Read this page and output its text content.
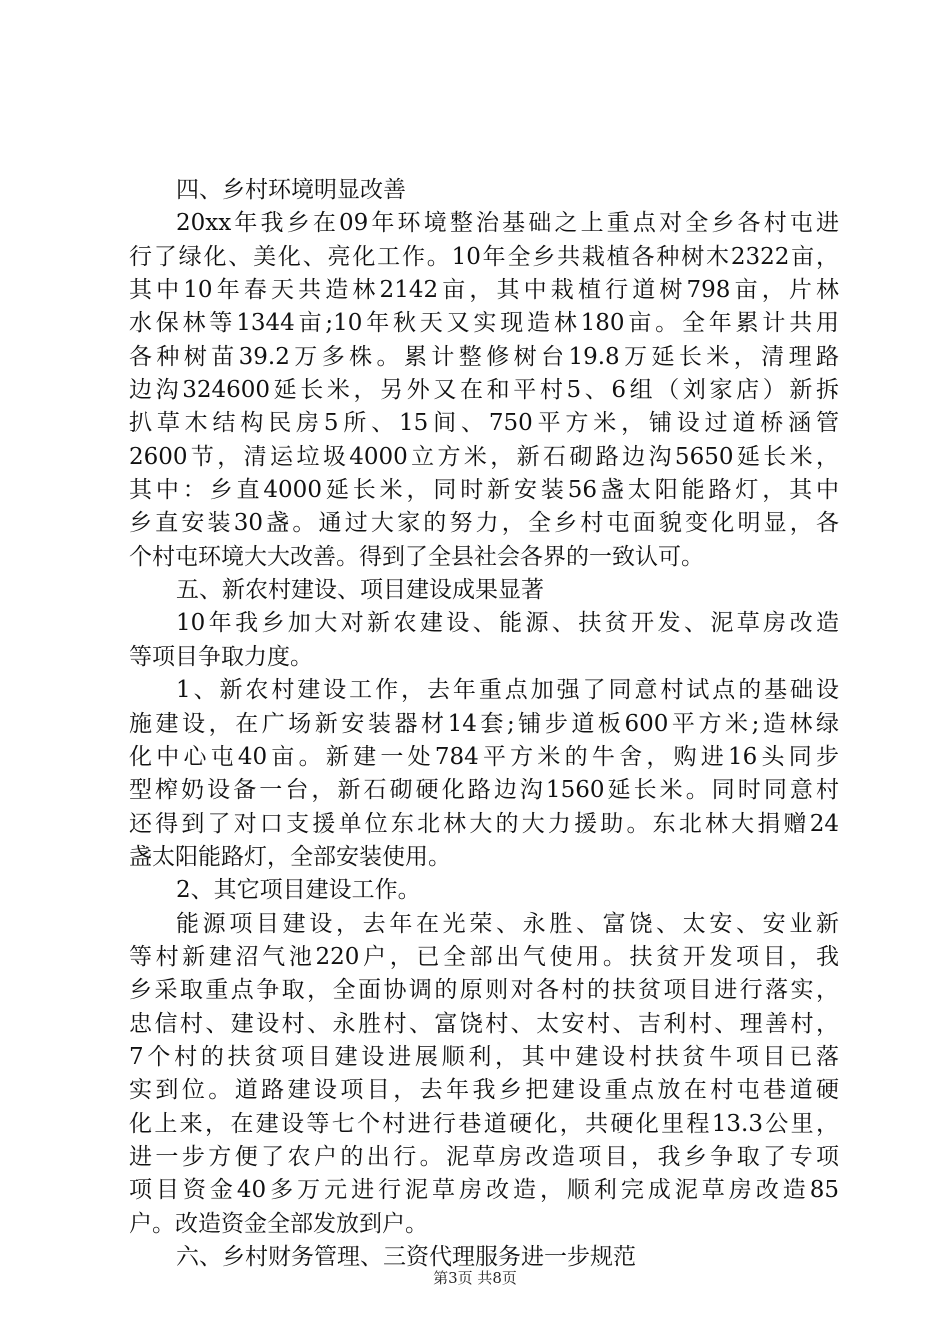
四、乡村环境明显改善
20xx年我乡在09年环境整治基础之上重点对全乡各村屯进
行了绿化、美化、亮化工作。10年全乡共栽植各种树木2322亩，
其中10年春天共造林2142亩，其中栽植行道树798亩，片林
水保林等1344亩;10年秋天又实现造林180亩。全年累计共用
各种树苗39.2万多株。累计整修树台19.8万延长米，清理路
边沟324600延长米，另外又在和平村5、6组（刘家店）新拆
扒草木结构民房5所、15间、750平方米，铺设过道桥涵管
2600节，清运垃圾4000立方米，新石砌路边沟5650延长米，
其中：乡直4000延长米，同时新安装56盏太阳能路灯，其中
乡直安装30盏。通过大家的努力，全乡村屯面貌变化明显，各
个村屯环境大大改善。得到了全县社会各界的一致认可。
五、新农村建设、项目建设成果显著
10年我乡加大对新农建设、能源、扶贫开发、泥草房改造
等项目争取力度。
1、新农村建设工作，去年重点加强了同意村试点的基础设
施建设，在广场新安装器材14套;铺步道板600平方米;造林绿
化中心屯40亩。新建一处784平方米的牛舍，购进16头同步
型榨奶设备一台，新石砌硬化路边沟1560延长米。同时同意村
还得到了对口支援单位东北林大的大力援助。东北林大捐赠24
盏太阳能路灯，全部安装使用。
2、其它项目建设工作。
能源项目建设，去年在光荣、永胜、富饶、太安、安业新
等村新建沼气池220户，已全部出气使用。扶贫开发项目，我
乡采取重点争取，全面协调的原则对各村的扶贫项目进行落实，
忠信村、建设村、永胜村、富饶村、太安村、吉利村、理善村，
7个村的扶贫项目建设进展顺利，其中建设村扶贫牛项目已落
实到位。道路建设项目，去年我乡把建设重点放在村屯巷道硬
化上来，在建设等七个村进行巷道硬化，共硬化里程13.3公里，
进一步方便了农户的出行。泥草房改造项目，我乡争取了专项
项目资金40多万元进行泥草房改造，顺利完成泥草房改造85
户。改造资金全部发放到户。
六、乡村财务管理、三资代理服务进一步规范
第3页 共8页
